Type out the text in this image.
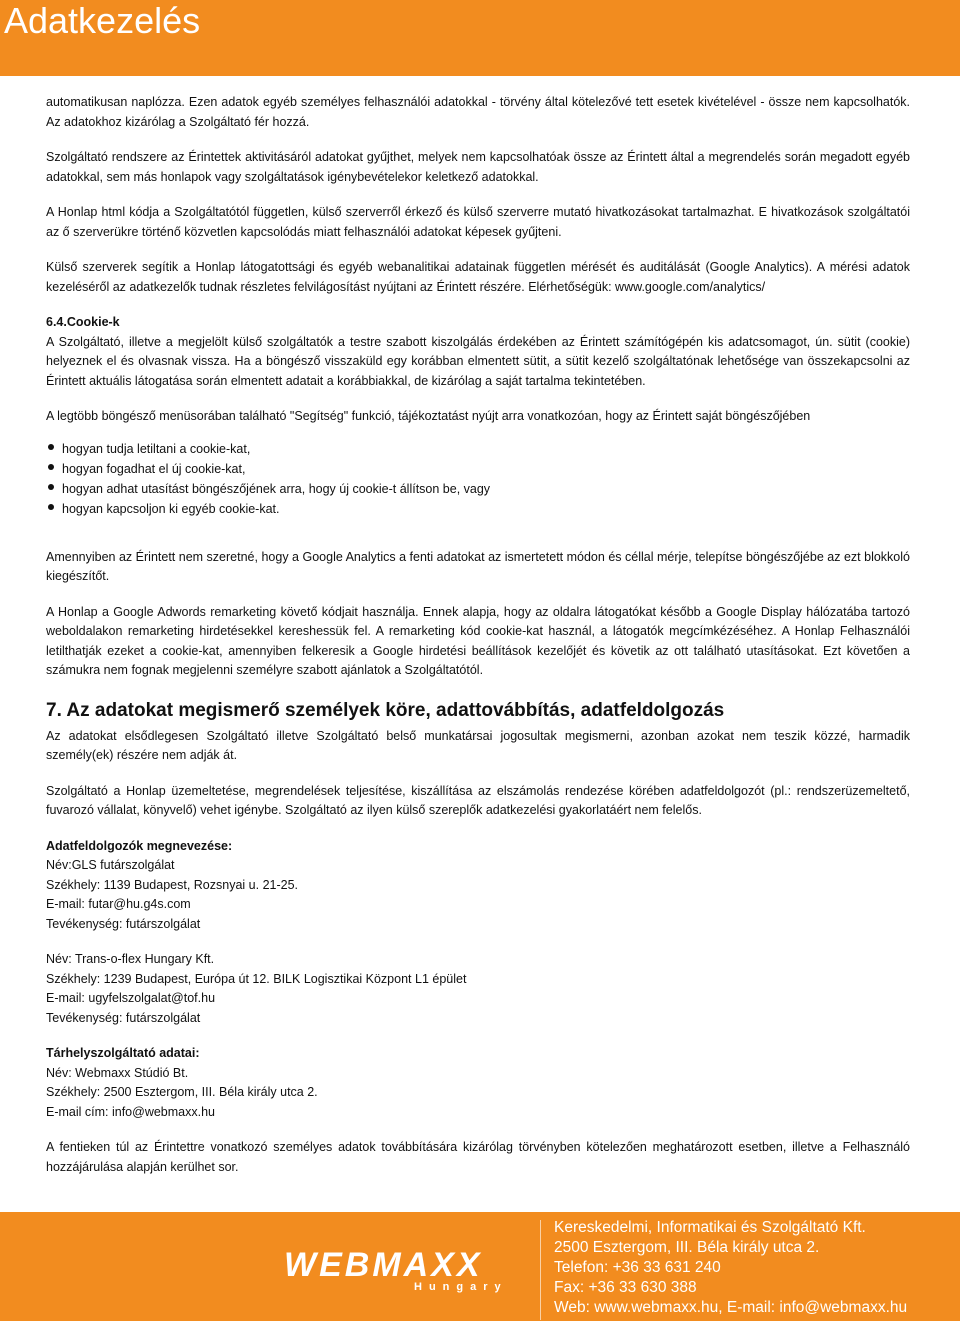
Adatkezelés

automatikusan naplózza. Ezen adatok egyéb személyes felhasználói adatokkal - törvény által kötelezővé tett esetek kivételével - össze nem kapcsolhatók. Az adatokhoz kizárólag a Szolgáltató fér hozzá.

Szolgáltató rendszere az Érintettek aktivitásáról adatokat gyűjthet, melyek nem kapcsolhatóak össze az Érintett által a megrendelés során megadott egyéb adatokkal, sem más honlapok vagy szolgáltatások igénybevételekor keletkező adatokkal.

A Honlap html kódja a Szolgáltatótól független, külső szerverről érkező és külső szerverre mutató hivatkozásokat tartalmazhat. E hivatkozások szolgáltatói az ő szerverükre történő közvetlen kapcsolódás miatt felhasználói adatokat képesek gyűjteni.

Külső szerverek segítik a Honlap látogatottsági és egyéb webanalitikai adatainak független mérését és auditálását (Google Analytics). A mérési adatok kezeléséről az adatkezelők tudnak részletes felvilágosítást nyújtani az Érintett részére. Elérhetőségük: www.google.com/analytics/

6.4.Cookie-k

A Szolgáltató, illetve a megjelölt külső szolgáltatók a testre szabott kiszolgálás érdekében az Érintett számítógépén kis adatcsomagot, ún. sütit (cookie) helyeznek el és olvasnak vissza. Ha a böngésző visszaküld egy korábban elmentett sütit, a sütit kezelő szolgáltatónak lehetősége van összekapcsolni az Érintett aktuális látogatása során elmentett adatait a korábbiakkal, de kizárólag a saját tartalma tekintetében.

A legtöbb böngésző menüsorában található "Segítség" funkció, tájékoztatást nyújt arra vonatkozóan, hogy az Érintett saját böngészőjében

hogyan tudja letiltani a cookie-kat,
hogyan fogadhat el új cookie-kat,
hogyan adhat utasítást böngészőjének arra, hogy új cookie-t állítson be, vagy
hogyan kapcsoljon ki egyéb cookie-kat.

Amennyiben az Érintett nem szeretné, hogy a Google Analytics a fenti adatokat az ismertetett módon és céllal mérje, telepítse böngészőjébe az ezt blokkoló kiegészítőt.

A Honlap a Google Adwords remarketing követő kódjait használja. Ennek alapja, hogy az oldalra látogatókat később a Google Display hálózatába tartozó weboldalakon remarketing hirdetésekkel kereshessük fel. A remarketing kód cookie-kat használ, a látogatók megcímkézéséhez. A Honlap Felhasználói letilthatják ezeket a cookie-kat, amennyiben felkeresik a Google hirdetési beállítások kezelőjét és követik az ott található utasításokat. Ezt követően a számukra nem fognak megjelenni személyre szabott ajánlatok a Szolgáltatótól.

7. Az adatokat megismerő személyek köre, adattovábbítás, adatfeldolgozás

Az adatokat elsődlegesen Szolgáltató illetve Szolgáltató belső munkatársai jogosultak megismerni, azonban azokat nem teszik közzé, harmadik személy(ek) részére nem adják át.

Szolgáltató a Honlap üzemeltetése, megrendelések teljesítése, kiszállítása az elszámolás rendezése körében adatfeldolgozót (pl.: rendszerüzemeltető, fuvarozó vállalat, könyvelő) vehet igénybe. Szolgáltató az ilyen külső szereplők adatkezelési gyakorlatáért nem felelős.

Adatfeldolgozók megnevezése:
Név:GLS futárszolgálat
Székhely: 1139 Budapest, Rozsnyai u. 21-25.
E-mail: futar@hu.g4s.com
Tevékenység: futárszolgálat
Név: Trans-o-flex Hungary Kft.
Székhely: 1239 Budapest, Európa út 12. BILK Logisztikai Központ L1 épület
E-mail: ugyfelszolgalat@tof.hu
Tevékenység: futárszolgálat
Tárhelyszolgáltató adatai:
Név: Webmaxx Stúdió Bt.
Székhely: 2500 Esztergom, III. Béla király utca 2.
E-mail cím: info@webmaxx.hu

A fentieken túl az Érintettre vonatkozó személyes adatok továbbítására kizárólag törvényben kötelezően meghatározott esetben, illetve a Felhasználó hozzájárulása alapján kerülhet sor.

WEBMAXX
Hungary
Kereskedelmi, Informatikai és Szolgáltató Kft.
2500 Esztergom, III. Béla király utca 2.
Telefon: +36 33 631 240
Fax: +36 33 630 388
Web: www.webmaxx.hu, E-mail: info@webmaxx.hu
